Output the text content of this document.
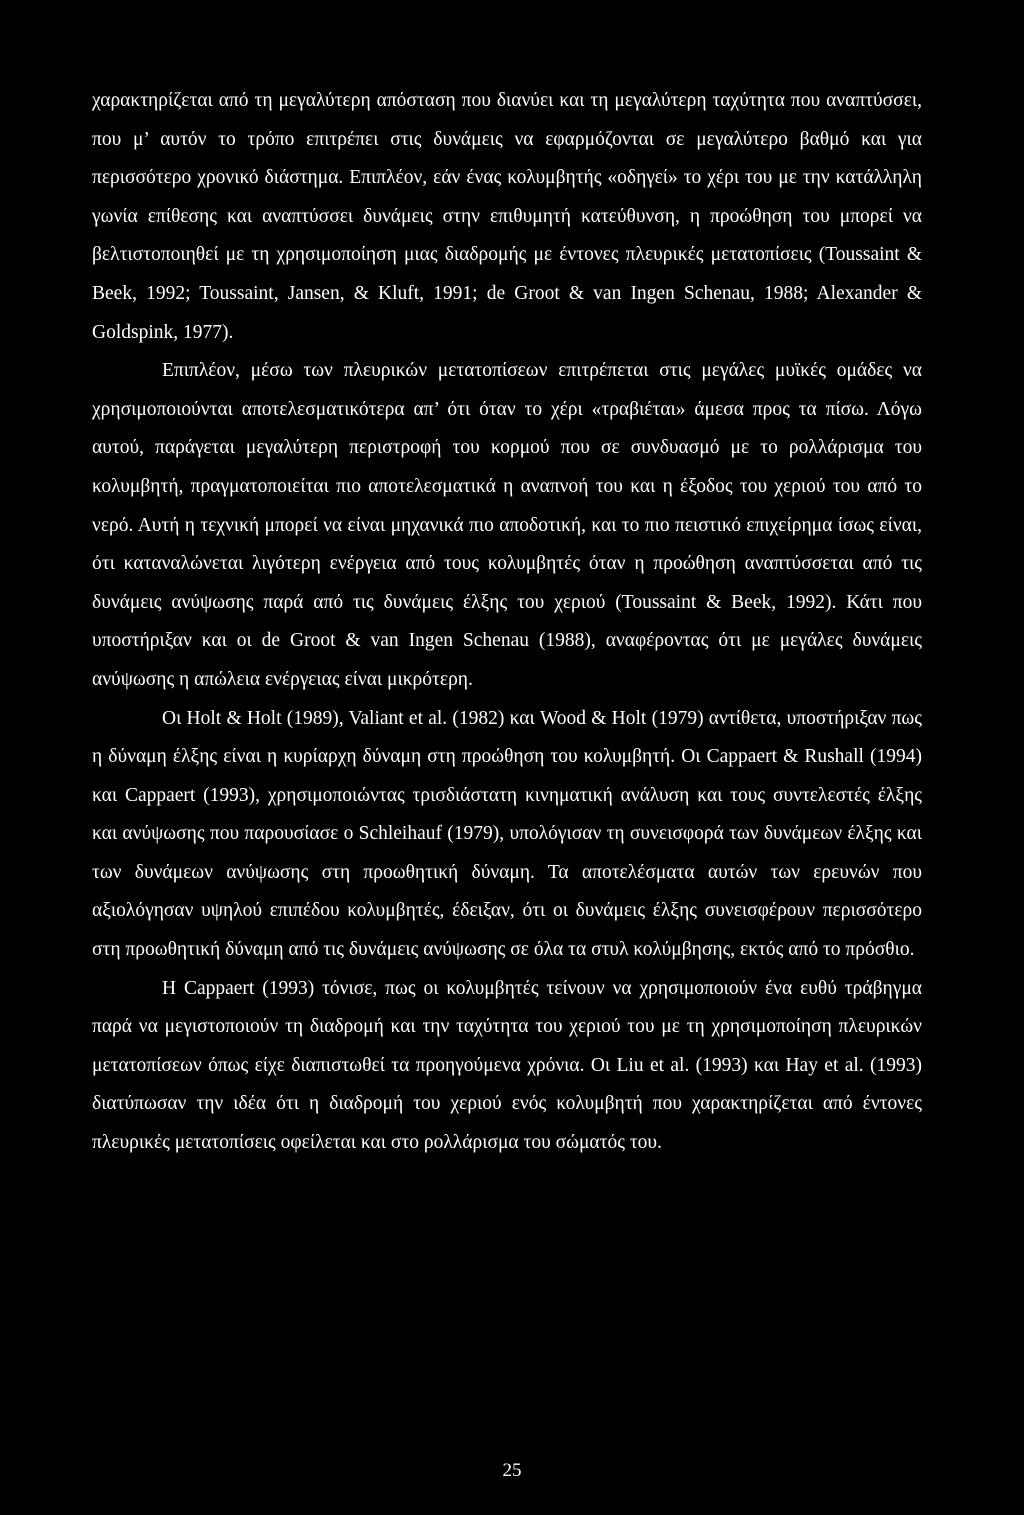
χαρακτηρίζεται από τη μεγαλύτερη απόσταση που διανύει και τη μεγαλύτερη ταχύτητα που αναπτύσσει, που μ’ αυτόν το τρόπο επιτρέπει στις δυνάμεις να εφαρμόζονται σε μεγαλύτερο βαθμό και για περισσότερο χρονικό διάστημα. Επιπλέον, εάν ένας κολυμβητής «οδηγεί» το χέρι του με την κατάλληλη γωνία επίθεσης και αναπτύσσει δυνάμεις στην επιθυμητή κατεύθυνση, η προώθηση του μπορεί να βελτιστοποιηθεί με τη χρησιμοποίηση μιας διαδρομής με έντονες πλευρικές μετατοπίσεις (Toussaint & Beek, 1992; Toussaint, Jansen, & Kluft, 1991; de Groot & van Ingen Schenau, 1988; Alexander & Goldspink, 1977).

Επιπλέον, μέσω των πλευρικών μετατοπίσεων επιτρέπεται στις μεγάλες μυϊκές ομάδες να χρησιμοποιούνται αποτελεσματικότερα απ’ ότι όταν το χέρι «τραβιέται» άμεσα προς τα πίσω. Λόγω αυτού, παράγεται μεγαλύτερη περιστροφή του κορμού που σε συνδυασμό με το ρολλάρισμα του κολυμβητή, πραγματοποιείται πιο αποτελεσματικά η αναπνοή του και η έξοδος του χεριού του από το νερό. Αυτή η τεχνική μπορεί να είναι μηχανικά πιο αποδοτική, και το πιο πειστικό επιχείρημα ίσως είναι, ότι καταναλώνεται λιγότερη ενέργεια από τους κολυμβητές όταν η προώθηση αναπτύσσεται από τις δυνάμεις ανύψωσης παρά από τις δυνάμεις έλξης του χεριού (Toussaint & Beek, 1992). Κάτι που υποστήριξαν και οι de Groot & van Ingen Schenau (1988), αναφέροντας ότι με μεγάλες δυνάμεις ανύψωσης η απώλεια ενέργειας είναι μικρότερη.

Οι Holt & Holt (1989), Valiant et al. (1982) και Wood & Holt (1979) αντίθετα, υποστήριξαν πως η δύναμη έλξης είναι η κυρίαρχη δύναμη στη προώθηση του κολυμβητή. Οι Cappaert & Rushall (1994) και Cappaert (1993), χρησιμοποιώντας τρισδιάστατη κινηματική ανάλυση και τους συντελεστές έλξης και ανύψωσης που παρουσίασε ο Schleihauf (1979), υπολόγισαν τη συνεισφορά των δυνάμεων έλξης και των δυνάμεων ανύψωσης στη προωθητική δύναμη. Τα αποτελέσματα αυτών των ερευνών που αξιολόγησαν υψηλού επιπέδου κολυμβητές, έδειξαν, ότι οι δυνάμεις έλξης συνεισφέρουν περισσότερο στη προωθητική δύναμη από τις δυνάμεις ανύψωσης σε όλα τα στυλ κολύμβησης, εκτός από το πρόσθιο.

Η Cappaert (1993) τόνισε, πως οι κολυμβητές τείνουν να χρησιμοποιούν ένα ευθύ τράβηγμα παρά να μεγιστοποιούν τη διαδρομή και την ταχύτητα του χεριού του με τη χρησιμοποίηση πλευρικών μετατοπίσεων όπως είχε διαπιστωθεί τα προηγούμενα χρόνια. Οι Liu et al. (1993) και Hay et al. (1993) διατύπωσαν την ιδέα ότι η διαδρομή του χεριού ενός κολυμβητή που χαρακτηρίζεται από έντονες πλευρικές μετατοπίσεις οφείλεται και στο ρολλάρισμα του σώματός του.

25
